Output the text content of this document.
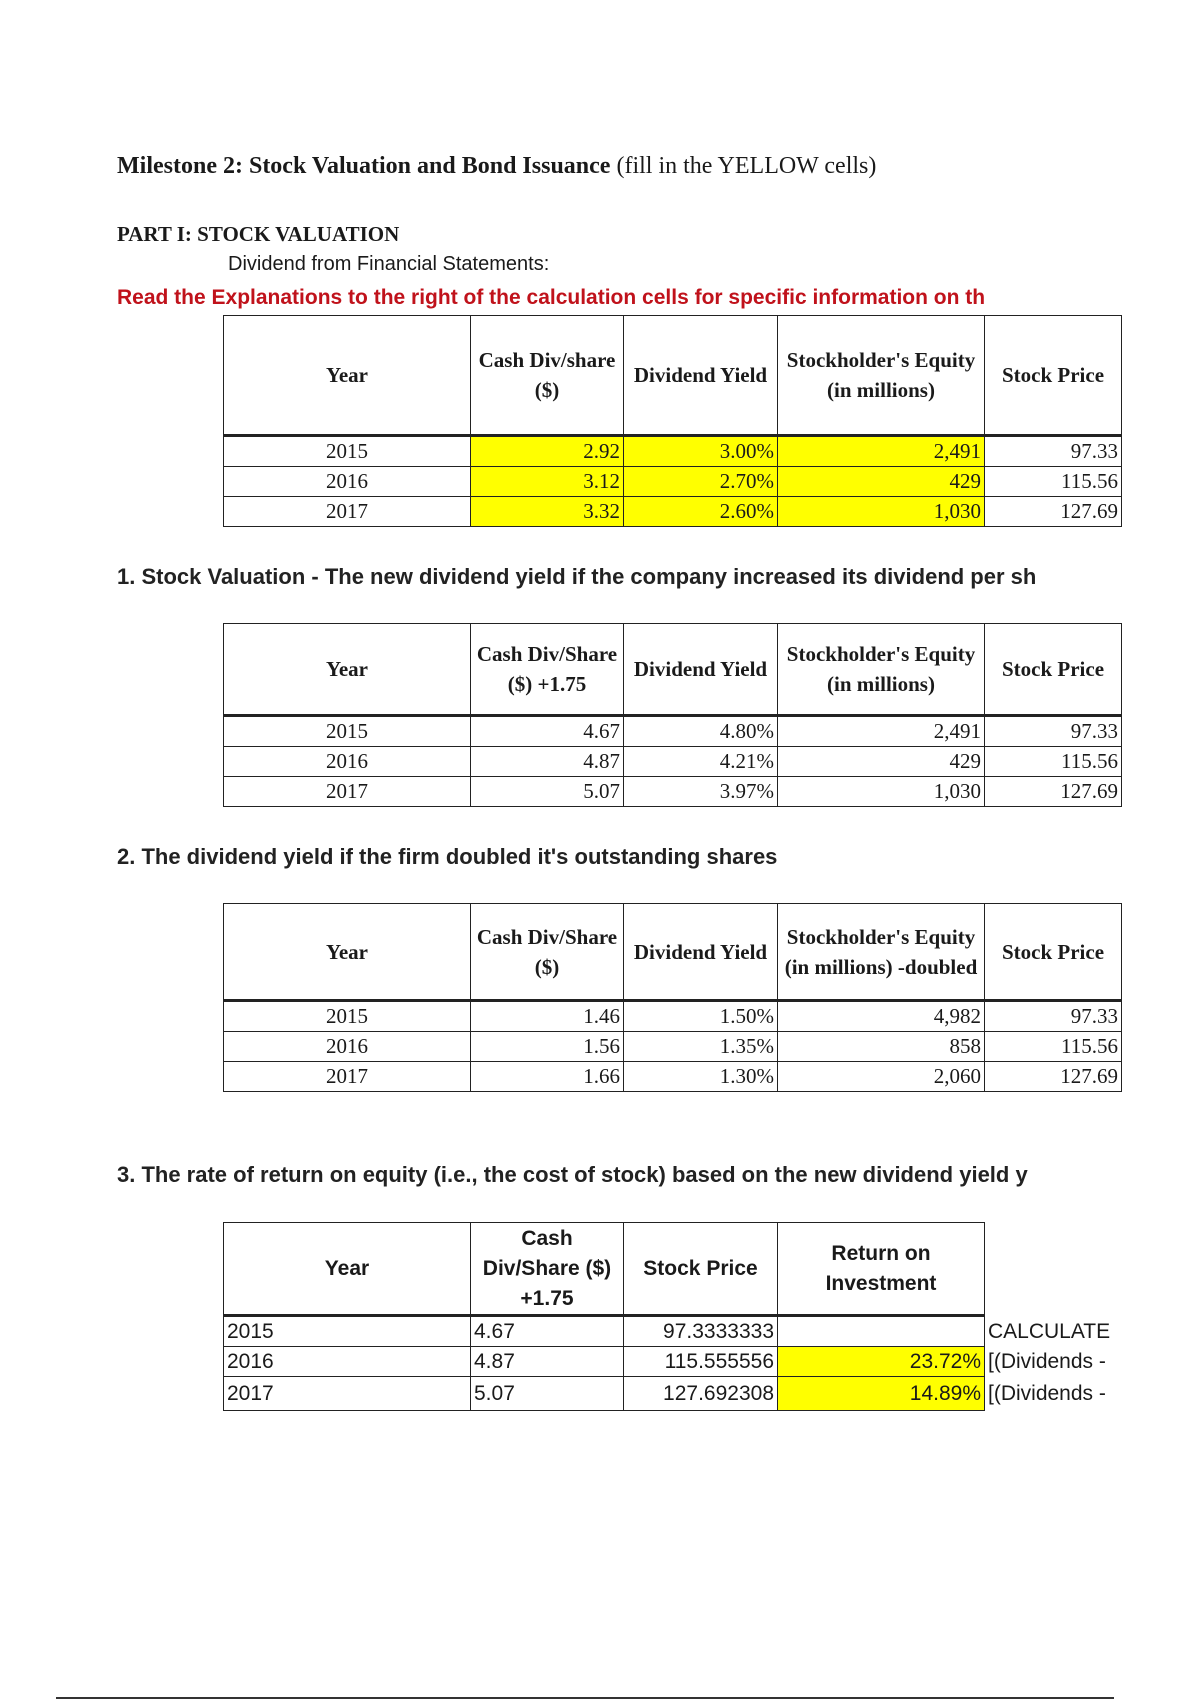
Milestone 2: Stock Valuation and Bond Issuance (fill in the YELLOW cells)
PART I: STOCK VALUATION
Dividend from Financial Statements:
Read the Explanations to the right of the calculation cells for specific information on th
Year	Cash Div/share ($)	Dividend Yield	Stockholder's Equity (in millions)	Stock Price
2015	2.92	3.00%	2,491	97.33
2016	3.12	2.70%	429	115.56
2017	3.32	2.60%	1,030	127.69
1. Stock Valuation - The new dividend yield if the company increased its dividend per sh
Year	Cash Div/Share ($) +1.75	Dividend Yield	Stockholder's Equity (in millions)	Stock Price
2015	4.67	4.80%	2,491	97.33
2016	4.87	4.21%	429	115.56
2017	5.07	3.97%	1,030	127.69
2. The dividend yield if the firm doubled it's outstanding shares
Year	Cash Div/Share ($)	Dividend Yield	Stockholder's Equity (in millions) -doubled	Stock Price
2015	1.46	1.50%	4,982	97.33
2016	1.56	1.35%	858	115.56
2017	1.66	1.30%	2,060	127.69
3. The rate of return on equity (i.e., the cost of stock) based on the new dividend yield y
Year	Cash Div/Share ($) +1.75	Stock Price	Return on Investment	
2015	4.67	97.3333333		CALCULATE
2016	4.87	115.555556	23.72%	[(Dividends -
2017	5.07	127.692308	14.89%	[(Dividends -
